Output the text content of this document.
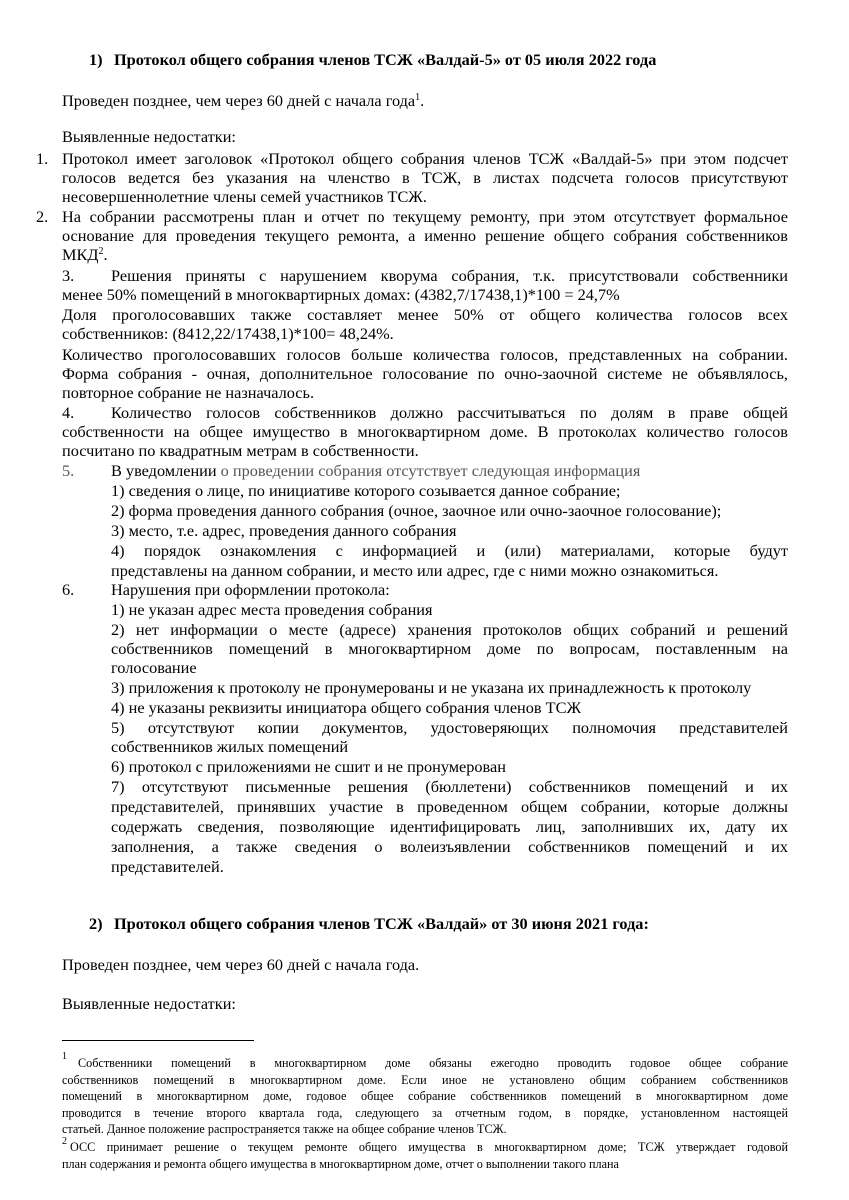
1) Протокол общего собрания членов ТСЖ «Валдай-5» от 05 июля 2022 года
Проведен позднее, чем через 60 дней с начала года$^1$.
Выявленные недостатки:
1. Протокол имеет заголовок «Протокол общего собрания членов ТСЖ «Валдай-5» при этом подсчет
голосов ведется без указания на членство в ТСЖ, в листах подсчета голосов присутствуют
несовершеннолетние члены семей участников ТСЖ.
2. На собрании рассмотрены план и отчет по текущему ремонту, при этом отсутствует формальное
основание для проведения текущего ремонта, а именно решение общего собрания собственников
МКД$^2$.
3. Решения приняты с нарушением кворума собрания, т.к. присутствовали собственники
менее 50% помещений в многоквартирных домах: (4382,7/17438,1)*100 = 24,7%
Доля проголосовавших также составляет менее 50% от общего количества голосов всех
собственников: (8412,22/17438,1)*100= 48,24%.
Количество проголосовавших голосов больше количества голосов, представленных на собрании.
Форма собрания - очная, дополнительное голосование по очно-заочной системе не объявлялось,
повторное собрание не назначалось.
4. Количество голосов собственников должно рассчитываться по долям в праве общей
собственности на общее имущество в многоквартирном доме. В протоколах количество голосов
посчитано по квадратным метрам в собственности.
5. В уведомлении о проведении собрания отсутствует следующая информация
1) сведения о лице, по инициативе которого созывается данное собрание;
2) форма проведения данного собрания (очное, заочное или очно-заочное голосование);
3) место, т.е. адрес, проведения данного собрания
4) порядок ознакомления с информацией и (или) материалами, которые будут
представлены на данном собрании, и место или адрес, где с ними можно ознакомиться.
6. Нарушения при оформлении протокола:
1) не указан адрес места проведения собрания
2) нет информации о месте (адресе) хранения протоколов общих собраний и решений
собственников помещений в многоквартирном доме по вопросам, поставленным на
голосование
3) приложения к протоколу не пронумерованы и не указана их принадлежность к протоколу
4) не указаны реквизиты инициатора общего собрания членов ТСЖ
5) отсутствуют копии документов, удостоверяющих полномочия представителей
собственников жилых помещений
6) протокол с приложениями не сшит и не пронумерован
7) отсутствуют письменные решения (бюллетени) собственников помещений и их
представителей, принявших участие в проведенном общем собрании, которые должны
содержать сведения, позволяющие идентифицировать лиц, заполнивших их, дату их
заполнения, а также сведения о волеизъявлении собственников помещений и их
представителей.
2) Протокол общего собрания членов ТСЖ «Валдай» от 30 июня 2021 года:
Проведен позднее, чем через 60 дней с начала года.
Выявленные недостатки:
1 Собственники помещений в многоквартирном доме обязаны ежегодно проводить годовое общее собрание
собственников помещений в многоквартирном доме. Если иное не установлено общим собранием собственников
помещений в многоквартирном доме, годовое общее собрание собственников помещений в многоквартирном доме
проводится в течение второго квартала года, следующего за отчетным годом, в порядке, установленном настоящей
статьей. Данное положение распространяется также на общее собрание членов ТСЖ.
2 ОСС принимает решение о текущем ремонте общего имущества в многоквартирном доме; ТСЖ утверждает годовой
план содержания и ремонта общего имущества в многоквартирном доме, отчет о выполнении такого плана
